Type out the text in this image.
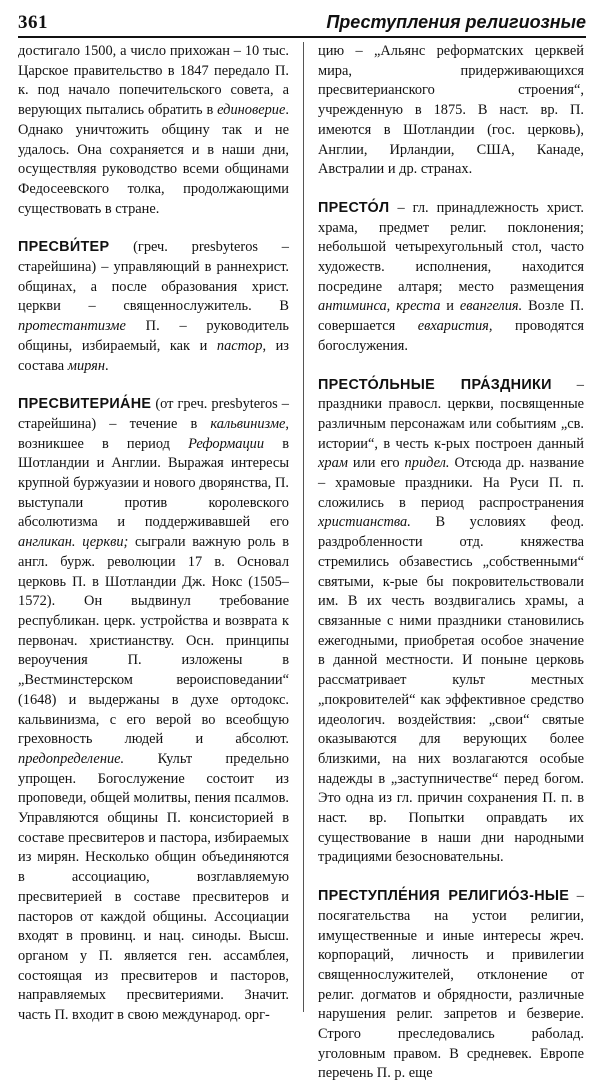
361	Преступления религиозные

достигало 1500, а число прихожан – 10 тыс. Царское правительство в 1847 передало П. к. под начало попечительского совета, а верующих пытались обратить в единоверие. Однако уничтожить общину так и не удалось. Она сохраняется и в наши дни, осуществляя руководство всеми общинами Федосеевского толка, продолжающими существовать в стране.

ПРЕСВИ́ТЕР (греч. presbyteros – старейшина) – управляющий в раннехрист. общинах, а после образования христ. церкви – священнослужитель. В протестантизме П. – руководитель общины, избираемый, как и пастор, из состава мирян.

ПРЕСВИТЕРИА́НЕ (от греч. presbyteros – старейшина) – течение в кальвинизме, возникшее в период Реформации в Шотландии и Англии. Выражая интересы крупной буржуазии и нового дворянства, П. выступали против королевского абсолютизма и поддерживавшей его англикан. церкви; сыграли важную роль в англ. бурж. революции 17 в. Основал церковь П. в Шотландии Дж. Нокс (1505–1572). Он выдвинул требование республикан. церк. устройства и возврата к первонач. христианству. Осн. принципы вероучения П. изложены в „Вестминстерском вероисповедании“ (1648) и выдержаны в духе ортодокс. кальвинизма, с его верой во всеобщую греховность людей и абсолют. предопределение. Культ предельно упрощен. Богослужение состоит из проповеди, общей молитвы, пения псалмов. Управляются общины П. консисторией в составе пресвитеров и пастора, избираемых из мирян. Несколько общин объединяются в ассоциацию, возглавляемую пресвитерией в составе пресвитеров и пасторов от каждой общины. Ассоциации входят в провинц. и нац. синоды. Высш. органом у П. является ген. ассамблея, состоящая из пресвитеров и пасторов, направляемых пресвитериями. Значит. часть П. входит в свою международ. орг-

цию – „Альянс реформатских церквей мира, придерживающихся пресвитерианского строения“, учрежденную в 1875. В наст. вр. П. имеются в Шотландии (гос. церковь), Англии, Ирландии, США, Канаде, Австралии и др. странах.

ПРЕСТО́Л – гл. принадлежность христ. храма, предмет религ. поклонения; небольшой четырехугольный стол, часто художеств. исполнения, находится посредине алтаря; место размещения антиминса, креста и евангелия. Возле П. совершается евхаристия, проводятся богослужения.

ПРЕСТО́ЛЬНЫЕ ПРА́ЗДНИКИ – праздники правосл. церкви, посвященные различным персонажам или событиям „св. истории“, в честь к-рых построен данный храм или его придел. Отсюда др. название – храмовые праздники. На Руси П. п. сложились в период распространения христианства. В условиях феод. раздробленности отд. княжества стремились обзавестись „собственными“ святыми, к-рые бы покровительствовали им. В их честь воздвигались храмы, а связанные с ними праздники становились ежегодными, приобретая особое значение в данной местности. И поныне церковь рассматривает культ местных „покровителей“ как эффективное средство идеологич. воздействия: „свои“ святые оказываются для верующих более близкими, на них возлагаются особые надежды в „заступничестве“ перед богом. Это одна из гл. причин сохранения П. п. в наст. вр. Попытки оправдать их существование в наши дни народными традициями безосновательны.

ПРЕСТУПЛЕ́НИЯ РЕЛИГИО́З-НЫЕ – посягательства на устои религии, имущественные и иные интересы жреч. корпораций, личность и привилегии священнослужителей, отклонение от религ. догматов и обрядности, различные нарушения религ. запретов и безверие. Строго преследовались раболад. уголовным правом. В средневек. Европе перечень П. р. еще
